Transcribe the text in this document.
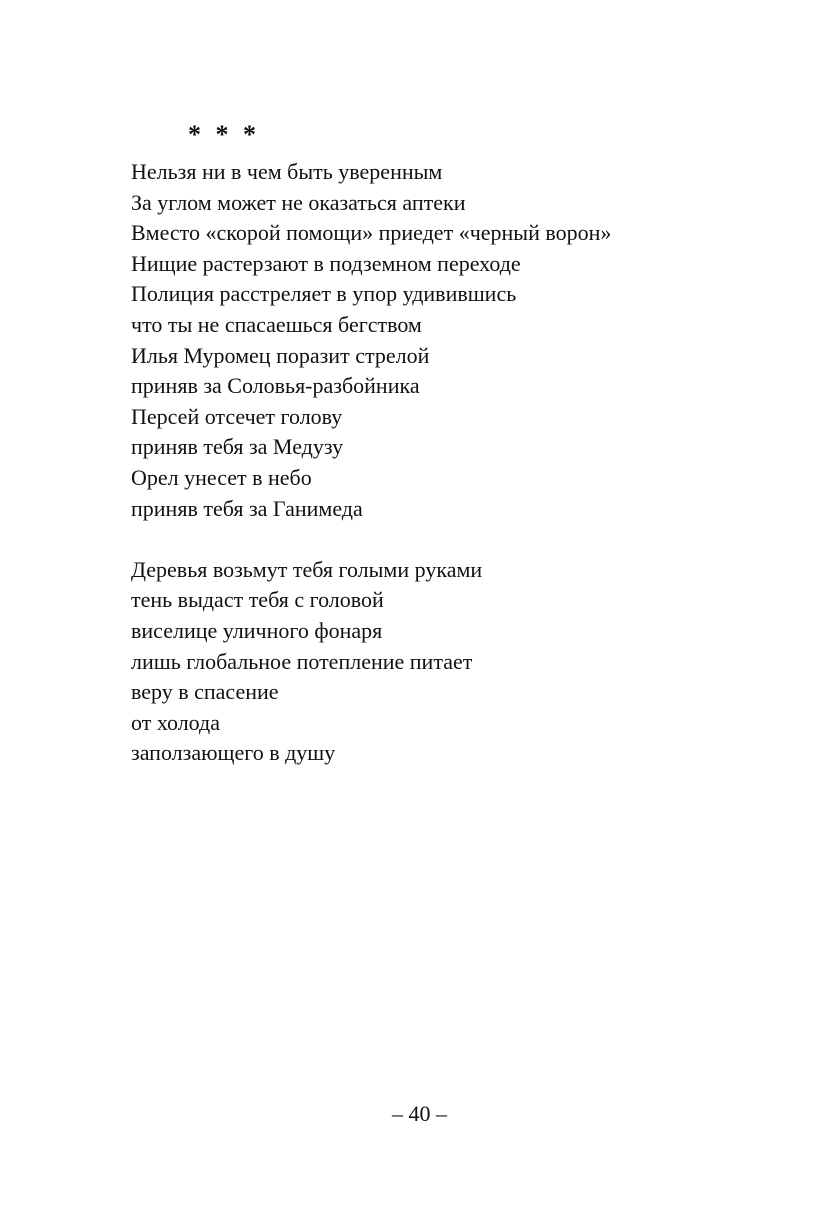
* * *
Нельзя ни в чем быть уверенным
За углом может не оказаться аптеки
Вместо «скорой помощи» приедет «черный ворон»
Нищие растерзают в подземном переходе
Полиция расстреляет в упор удивившись
что ты не спасаешься бегством
Илья Муромец поразит стрелой
приняв за Соловья-разбойника
Персей отсечет голову
приняв тебя за Медузу
Орел унесет в небо
приняв тебя за Ганимеда
Деревья возьмут тебя голыми руками
тень выдаст тебя с головой
виселице уличного фонаря
лишь глобальное потепление питает
веру в спасение
от холода
заползающего в душу
– 40 –
